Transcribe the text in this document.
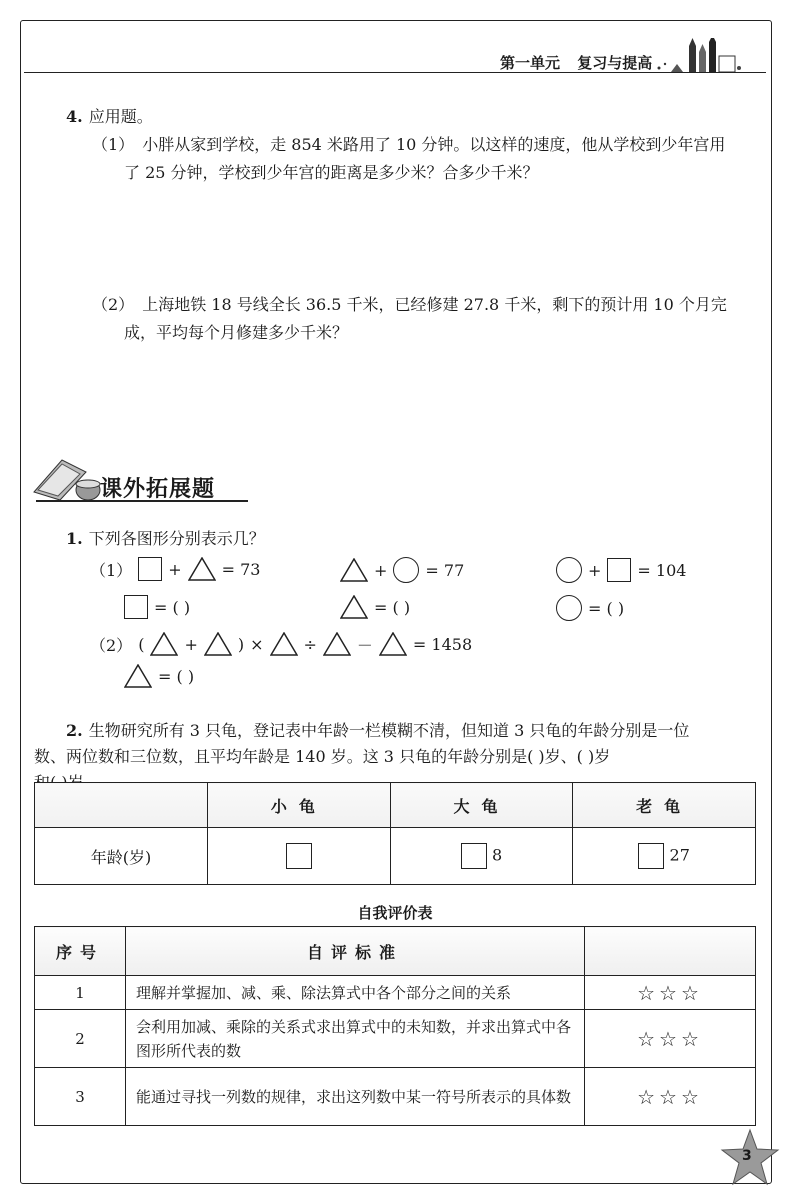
第一单元 复习与提高
4. 应用题。
（1） 小胖从家到学校，走 854 米路用了 10 分钟。以这样的速度，他从学校到少年宫用
了 25 分钟，学校到少年宫的距离是多少米？合多少千米？
（2） 上海地铁 18 号线全长 36.5 千米，已经修建 27.8 千米，剩下的预计用 10 个月完
成，平均每个月修建多少千米？
课外拓展题
1. 下列各图形分别表示几？
（1） +	= 73	+ = 77	+ = 104
= ( )	= ( )	= ( )
（2） (	+	) ×	÷	－	= 1458
= ( )
2. 生物研究所有 3 只龟，登记表中年龄一栏模糊不清，但知道 3 只龟的年龄分别是一位
数、两位数和三位数，且平均年龄是 140 岁。这 3 只龟的年龄分别是( )岁、( )岁
	小龟	大龟	老龟
年龄(岁)		8	27
自我评价表
序号	自评标准	
1	理解并掌握加、减、乘、除法算式中各个部分之间的关系	☆☆☆
2	会利用加减、乘除的关系式求出算式中的未知数，并求出算式中各图形所代表的数	☆☆☆
3	能通过寻找一列数的规律，求出这列数中某一符号所表示的具体数	☆☆☆
3
